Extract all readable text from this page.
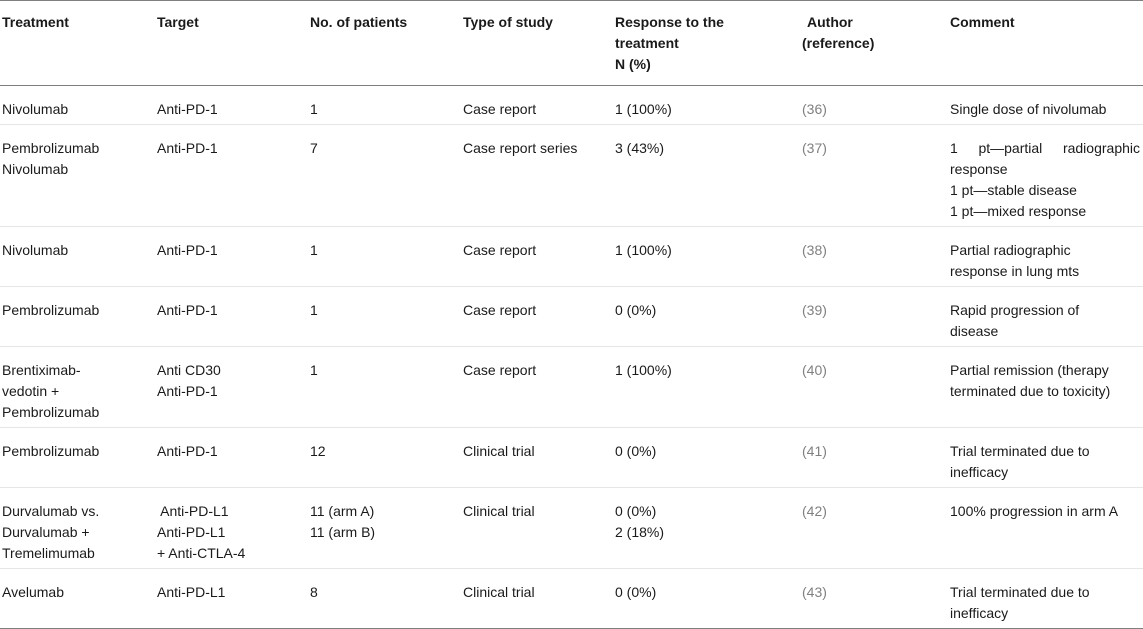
Treatment	Target	No. of patients	Type of study	Response to the
treatment
N (%)	Author
(reference)	Comment

Nivolumab	Anti-PD-1	1	Case report	1 (100%)	(36)	Single dose of nivolumab

Pembrolizumab
Nivolumab	Anti-PD-1	7	Case report series	3 (43%)	(37)	1 pt—partial radiographic
response
1 pt—stable disease
1 pt—mixed response

Nivolumab	Anti-PD-1	1	Case report	1 (100%)	(38)	Partial radiographic
response in lung mts

Pembrolizumab	Anti-PD-1	1	Case report	0 (0%)	(39)	Rapid progression of
disease

Brentiximab-
vedotin +
Pembrolizumab	Anti CD30
Anti-PD-1	1	Case report	1 (100%)	(40)	Partial remission (therapy
terminated due to toxicity)

Pembrolizumab	Anti-PD-1	12	Clinical trial	0 (0%)	(41)	Trial terminated due to
inefficacy

Durvalumab vs.
Durvalumab +
Tremelimumab	Anti-PD-L1
Anti-PD-L1
+ Anti-CTLA-4	11 (arm A)
11 (arm B)	Clinical trial	0 (0%)
2 (18%)	(42)	100% progression in arm A

Avelumab	Anti-PD-L1	8	Clinical trial	0 (0%)	(43)	Trial terminated due to
inefficacy
